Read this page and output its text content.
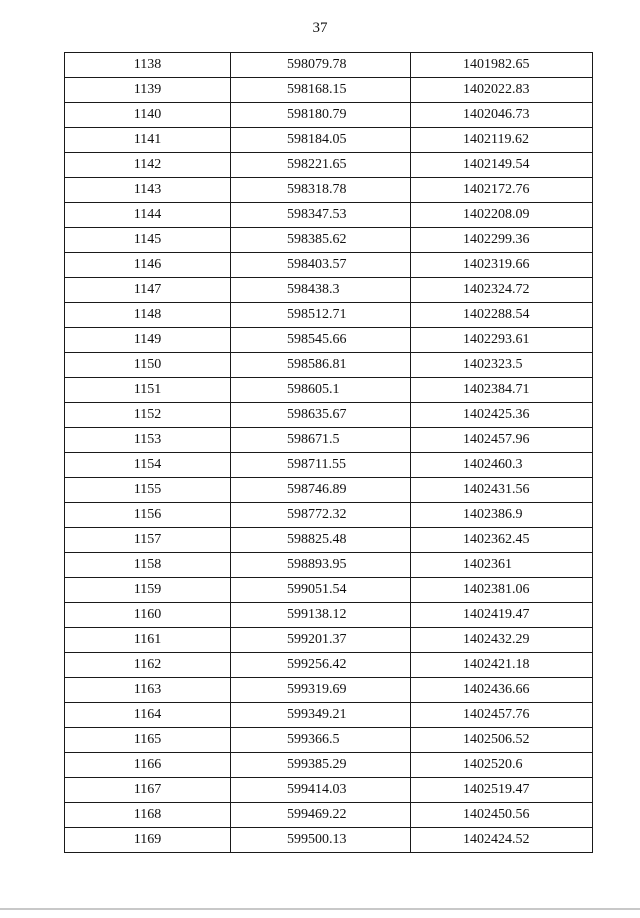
37
1138	598079.78	1401982.65
1139	598168.15	1402022.83
1140	598180.79	1402046.73
1141	598184.05	1402119.62
1142	598221.65	1402149.54
1143	598318.78	1402172.76
1144	598347.53	1402208.09
1145	598385.62	1402299.36
1146	598403.57	1402319.66
1147	598438.3	1402324.72
1148	598512.71	1402288.54
1149	598545.66	1402293.61
1150	598586.81	1402323.5
1151	598605.1	1402384.71
1152	598635.67	1402425.36
1153	598671.5	1402457.96
1154	598711.55	1402460.3
1155	598746.89	1402431.56
1156	598772.32	1402386.9
1157	598825.48	1402362.45
1158	598893.95	1402361
1159	599051.54	1402381.06
1160	599138.12	1402419.47
1161	599201.37	1402432.29
1162	599256.42	1402421.18
1163	599319.69	1402436.66
1164	599349.21	1402457.76
1165	599366.5	1402506.52
1166	599385.29	1402520.6
1167	599414.03	1402519.47
1168	599469.22	1402450.56
1169	599500.13	1402424.52
